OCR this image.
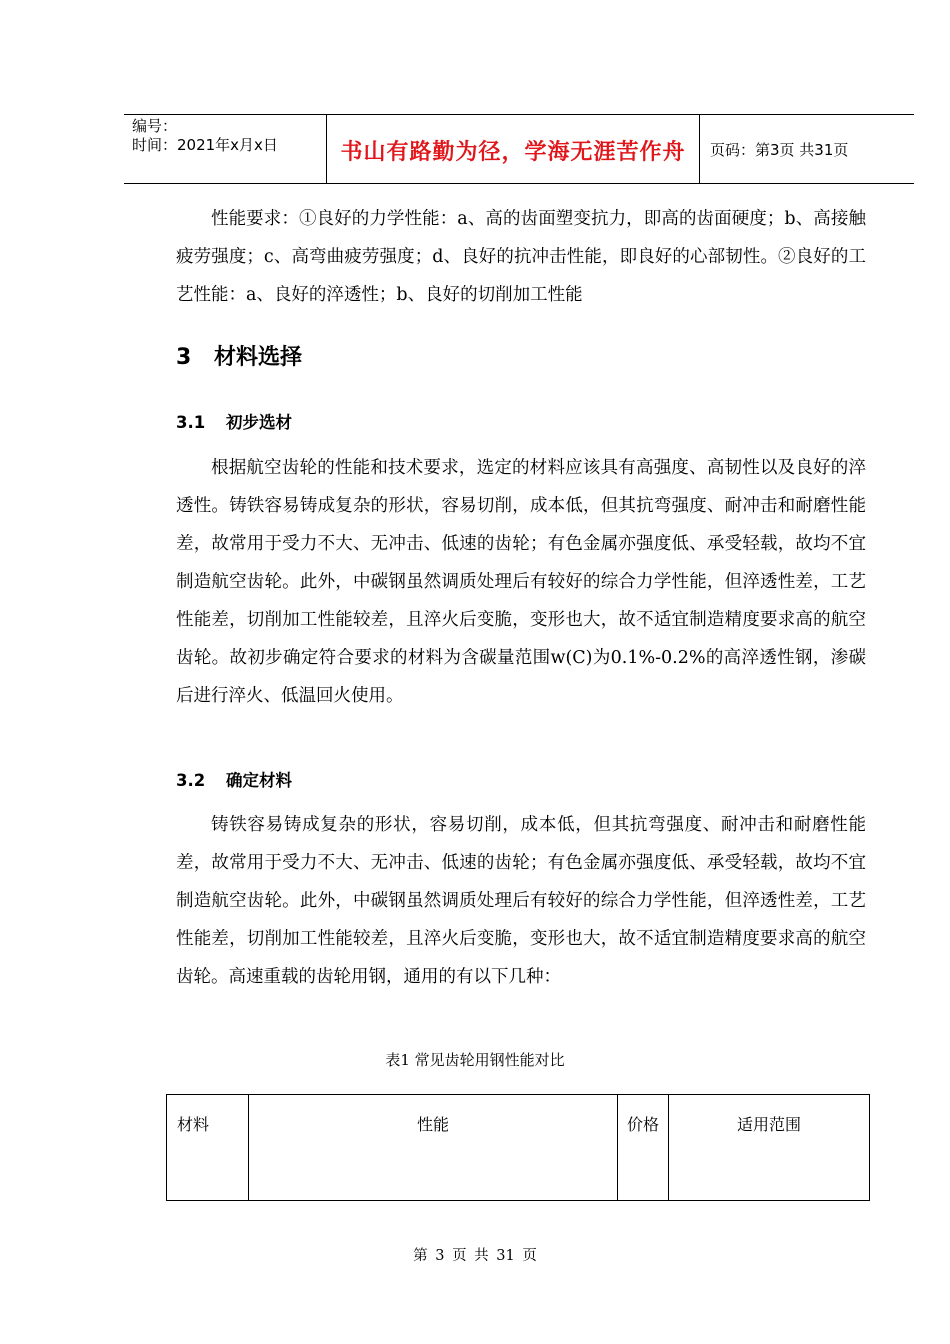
编号：
时间：2021年x月x日	书山有路勤为径，学海无涯苦作舟	页码：第3页 共31页
性能要求：①良好的力学性能：a、高的齿面塑变抗力，即高的齿面硬度；b、高接触疲劳强度；c、高弯曲疲劳强度；d、良好的抗冲击性能，即良好的心部韧性。②良好的工艺性能：a、良好的淬透性；b、良好的切削加工性能
3 材料选择
3.1 初步选材
根据航空齿轮的性能和技术要求，选定的材料应该具有高强度、高韧性以及良好的淬透性。铸铁容易铸成复杂的形状，容易切削，成本低，但其抗弯强度、耐冲击和耐磨性能差，故常用于受力不大、无冲击、低速的齿轮；有色金属亦强度低、承受轻载，故均不宜制造航空齿轮。此外，中碳钢虽然调质处理后有较好的综合力学性能，但淬透性差，工艺性能差，切削加工性能较差，且淬火后变脆，变形也大，故不适宜制造精度要求高的航空齿轮。故初步确定符合要求的材料为含碳量范围w(C)为0.1%-0.2%的高淬透性钢，渗碳后进行淬火、低温回火使用。
3.2 确定材料
铸铁容易铸成复杂的形状，容易切削，成本低，但其抗弯强度、耐冲击和耐磨性能差，故常用于受力不大、无冲击、低速的齿轮；有色金属亦强度低、承受轻载，故均不宜制造航空齿轮。此外，中碳钢虽然调质处理后有较好的综合力学性能，但淬透性差，工艺性能差，切削加工性能较差，且淬火后变脆，变形也大，故不适宜制造精度要求高的航空齿轮。高速重载的齿轮用钢，通用的有以下几种：
表1 常见齿轮用钢性能对比
材料	性能	价格	适用范围
第 3 页 共 31 页
